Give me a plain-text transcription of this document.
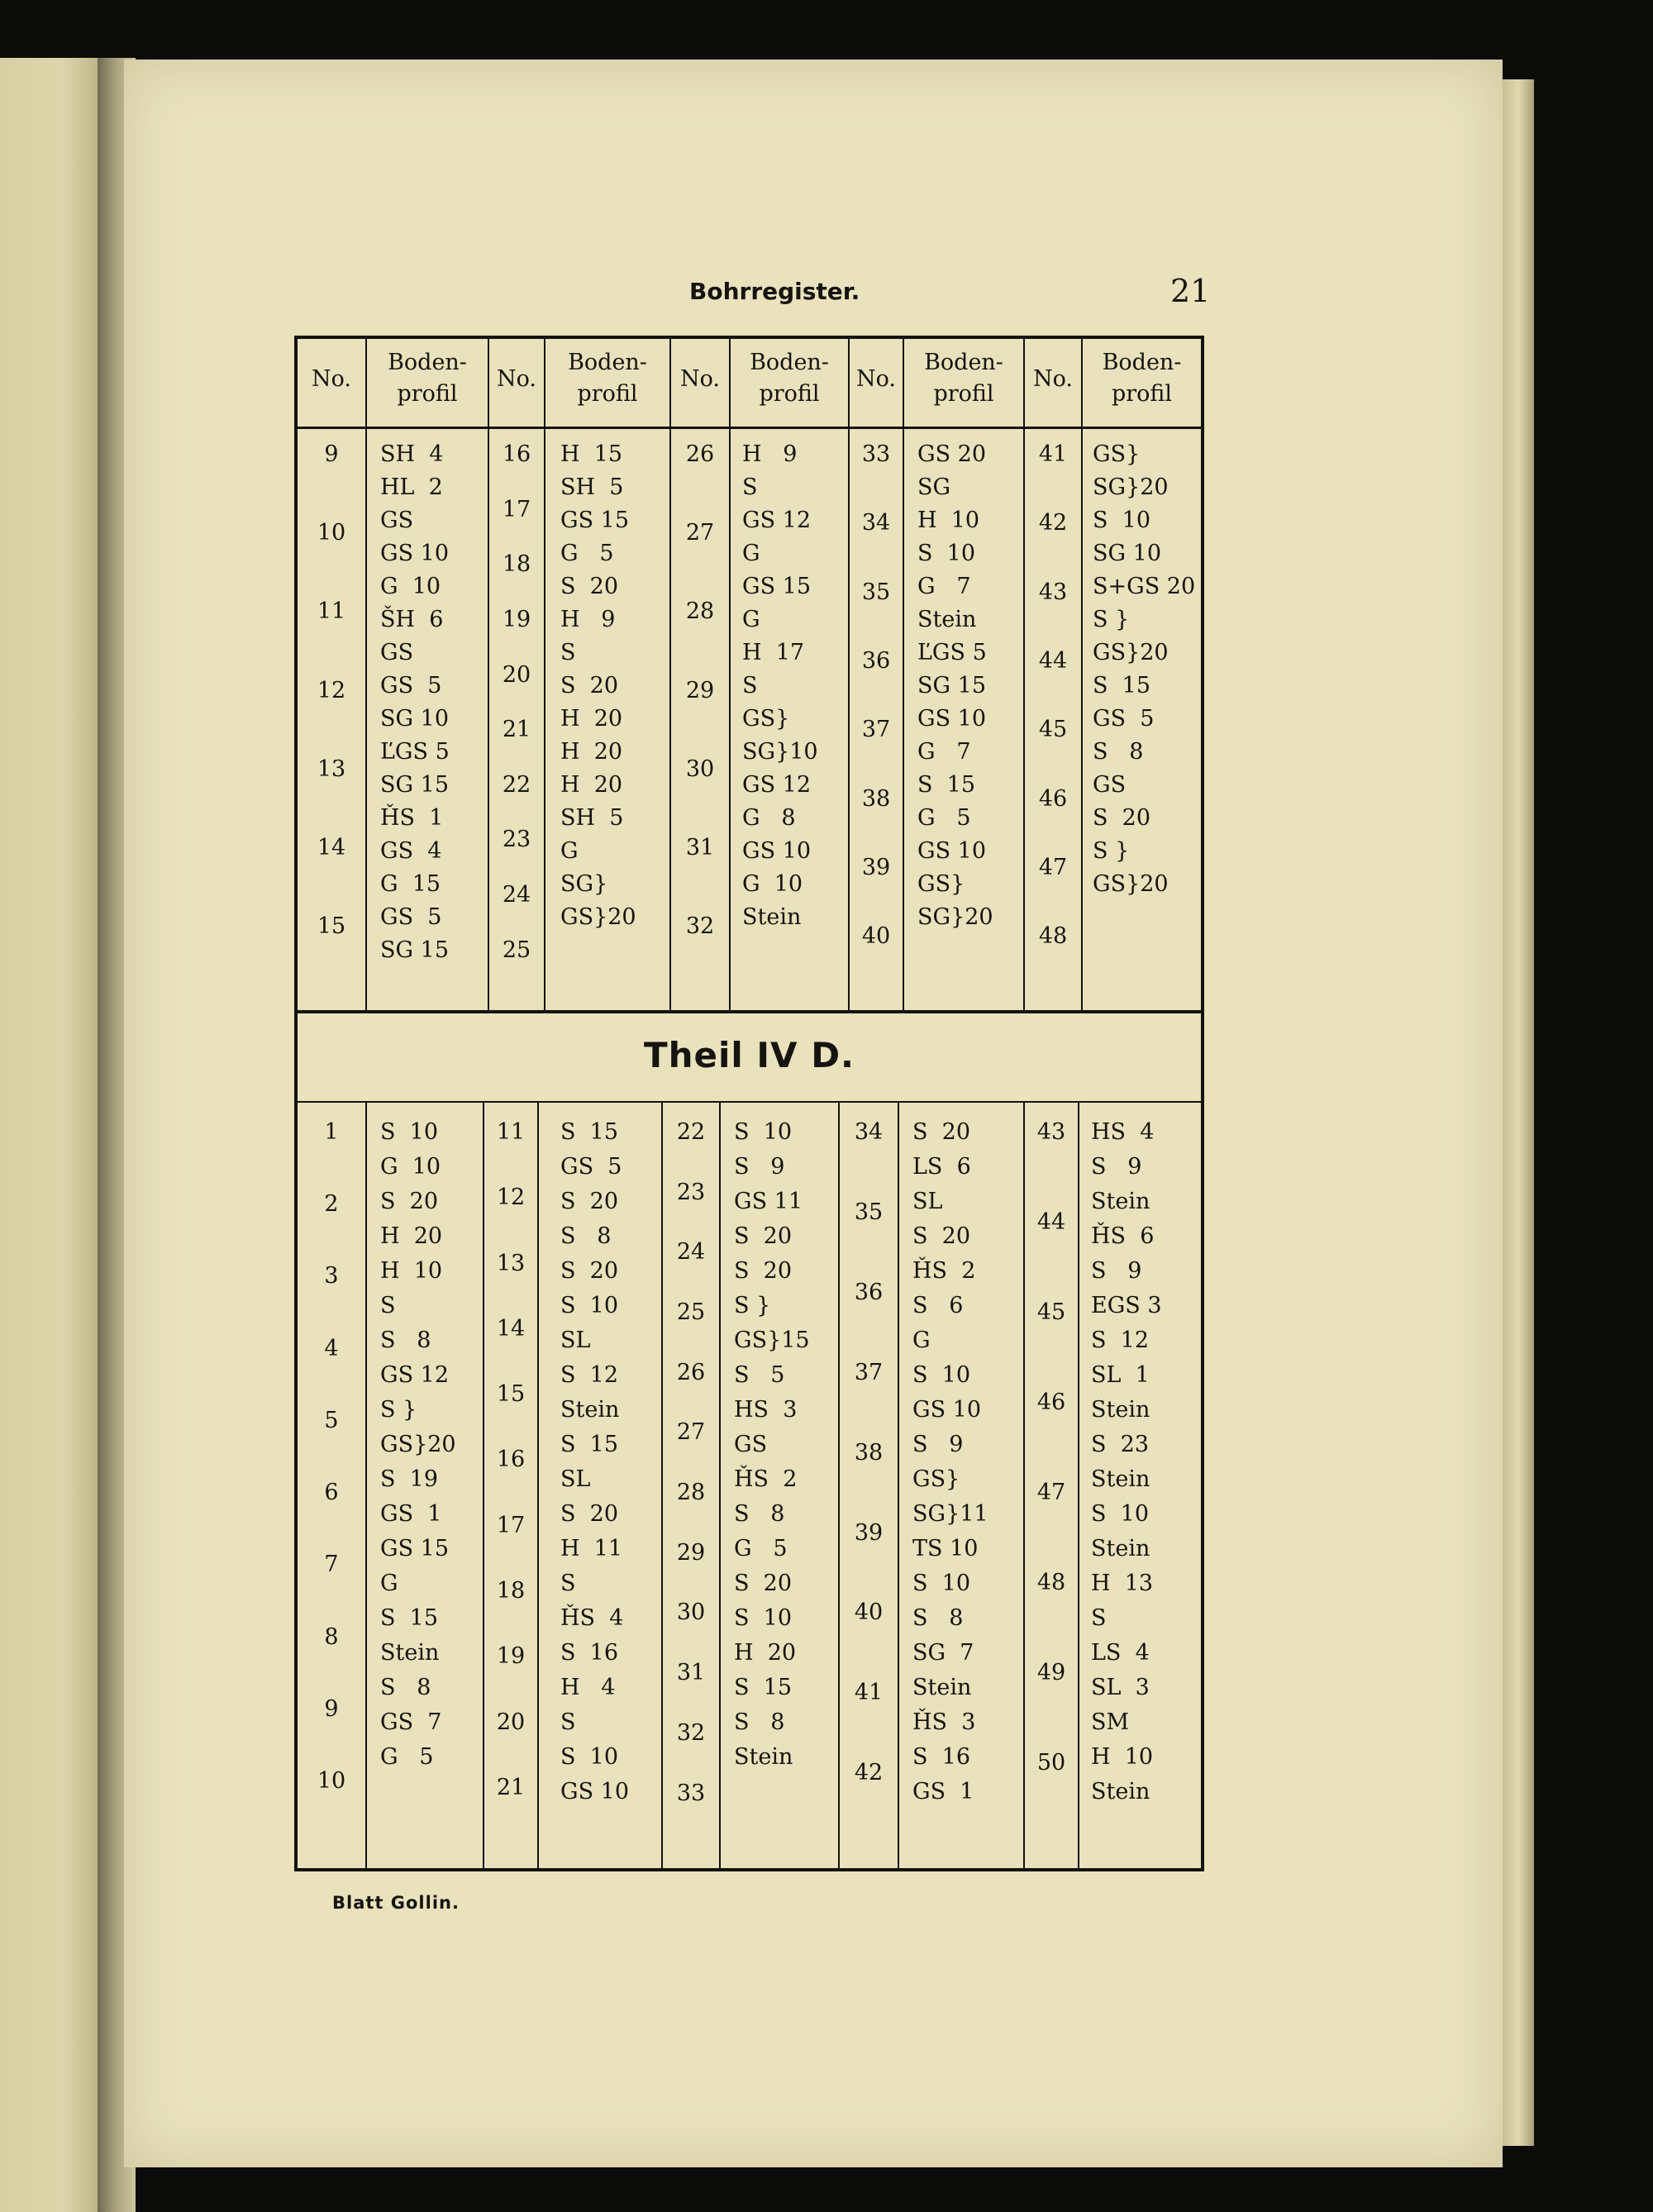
Bohrregister.	21
No.
Boden-
profil
No.
Boden-
profil
No.
Boden-
profil
No.
Boden-
profil
No.
Boden-
profil
Theil IV D.
9
10
11
12
13
14
15
SH  4
HL  2
GS
GS 10
G  10
ŠH  6
GS
GS  5
SG 10
ĽGS 5
SG 15
ȞS  1
GS  4
G  15
GS  5
SG 15
16
17
18
19
20
21
22
23
24
25
H  15
SH  5
GS 15
G   5
S  20
H   9
S
S  20
H  20
H  20
H  20
SH  5
G
SG}
GS}20
26
27
28
29
30
31
32
H   9
S
GS 12
G
GS 15
G
H  17
S
GS}
SG}10
GS 12
G   8
GS 10
G  10
Stein
33
34
35
36
37
38
39
40
GS 20
SG
H  10
S  10
G   7
Stein
ĽGS 5
SG 15
GS 10
G   7
S  15
G   5
GS 10
GS}
SG}20
41
42
43
44
45
46
47
48
GS}
SG}20
S  10
SG 10
S+GS 20
S }
GS}20
S  15
GS  5
S   8
GS
S  20
S }
GS}20
1
2
3
4
5
6
7
8
9
10
S  10
G  10
S  20
H  20
H  10
S
S   8
GS 12
S }
GS}20
S  19
GS  1
GS 15
G
S  15
Stein
S   8
GS  7
G   5
11
12
13
14
15
16
17
18
19
20
21
S  15
GS  5
S  20
S   8
S  20
S  10
SL
S  12
Stein
S  15
SL
S  20
H  11
S
ȞS  4
S  16
H   4
S
S  10
GS 10
22
23
24
25
26
27
28
29
30
31
32
33
S  10
S   9
GS 11
S  20
S  20
S }
GS}15
S   5
HS  3
GS
ȞS  2
S   8
G   5
S  20
S  10
H  20
S  15
S   8
Stein
34
35
36
37
38
39
40
41
42
S  20
LS  6
SL
S  20
ȞS  2
S   6
G
S  10
GS 10
S   9
GS}
SG}11
TS 10
S  10
S   8
SG  7
Stein
ȞS  3
S  16
GS  1
43
44
45
46
47
48
49
50
HS  4
S   9
Stein
ȞS  6
S   9
EGS 3
S  12
SL  1
Stein
S  23
Stein
S  10
Stein
H  13
S
LS  4
SL  3
SM
H  10
Stein
Blatt Gollin.
